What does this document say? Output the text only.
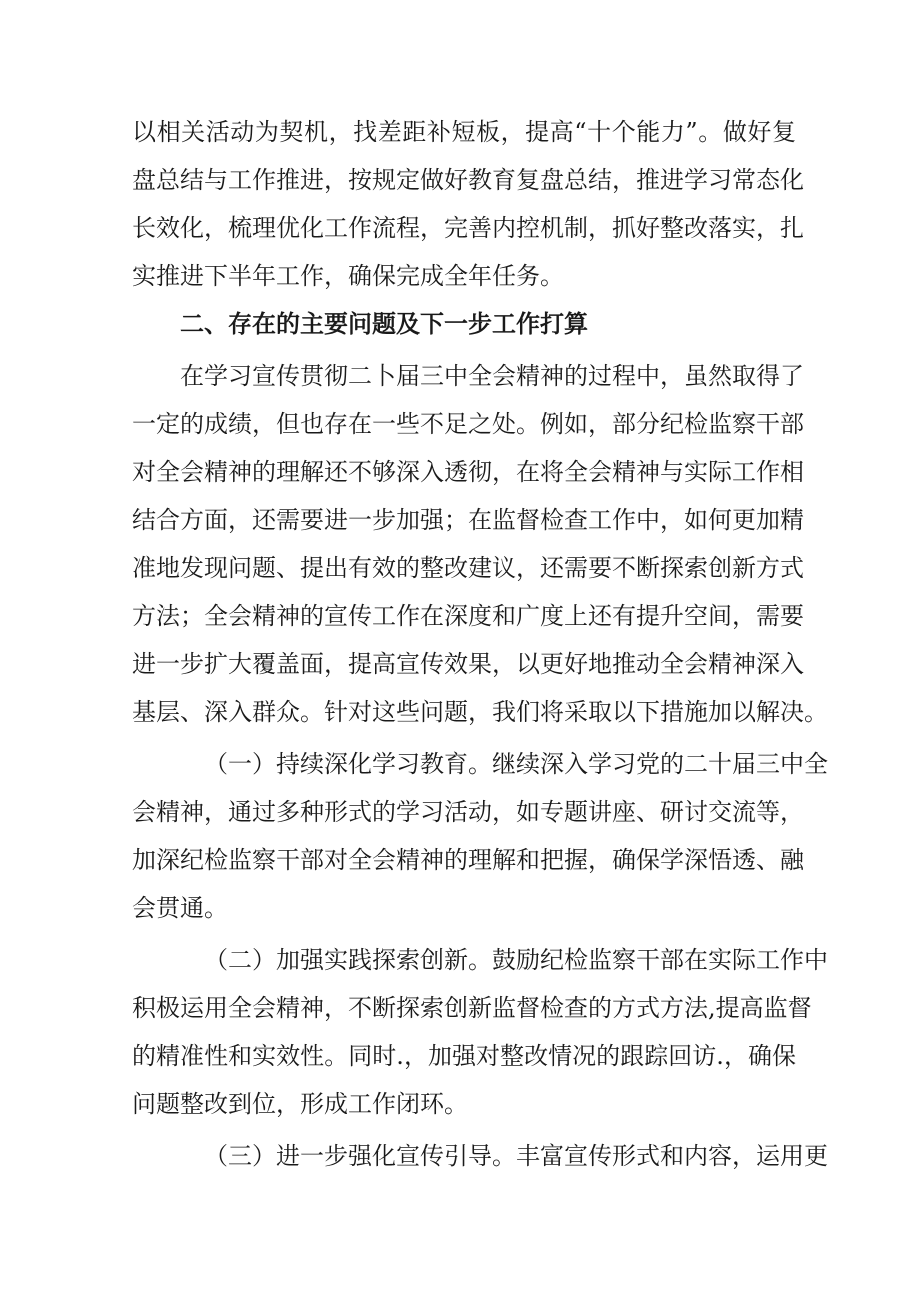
以相关活动为契机，找差距补短板，提高“十个能力”。做好复
盘总结与工作推进，按规定做好教育复盘总结，推进学习常态化
长效化，梳理优化工作流程，完善内控机制，抓好整改落实，扎
实推进下半年工作，确保完成全年任务。
二、存在的主要问题及下一步工作打算
在学习宣传贯彻二卜届三中全会精神的过程中，虽然取得了
一定的成绩，但也存在一些不足之处。例如，部分纪检监察干部
对全会精神的理解还不够深入透彻，在将全会精神与实际工作相
结合方面，还需要进一步加强；在监督检查工作中，如何更加精
准地发现问题、提出有效的整改建议，还需要不断探索创新方式
方法；全会精神的宣传工作在深度和广度上还有提升空间，需要
进一步扩大覆盖面，提高宣传效果，以更好地推动全会精神深入
基层、深入群众。针对这些问题，我们将采取以下措施加以解决。
（一）持续深化学习教育。继续深入学习党的二十届三中全
会精神，通过多种形式的学习活动，如专题讲座、研讨交流等，
加深纪检监察干部对全会精神的理解和把握，确保学深悟透、融
会贯通。
（二）加强实践探索创新。鼓励纪检监察干部在实际工作中
积极运用全会精神，不断探索创新监督检查的方式方法,提高监督
的精准性和实效性。同时.，加强对整改情况的跟踪回访.，确保
问题整改到位，形成工作闭环。
（三）进一步强化宣传引导。丰富宣传形式和内容，运用更
